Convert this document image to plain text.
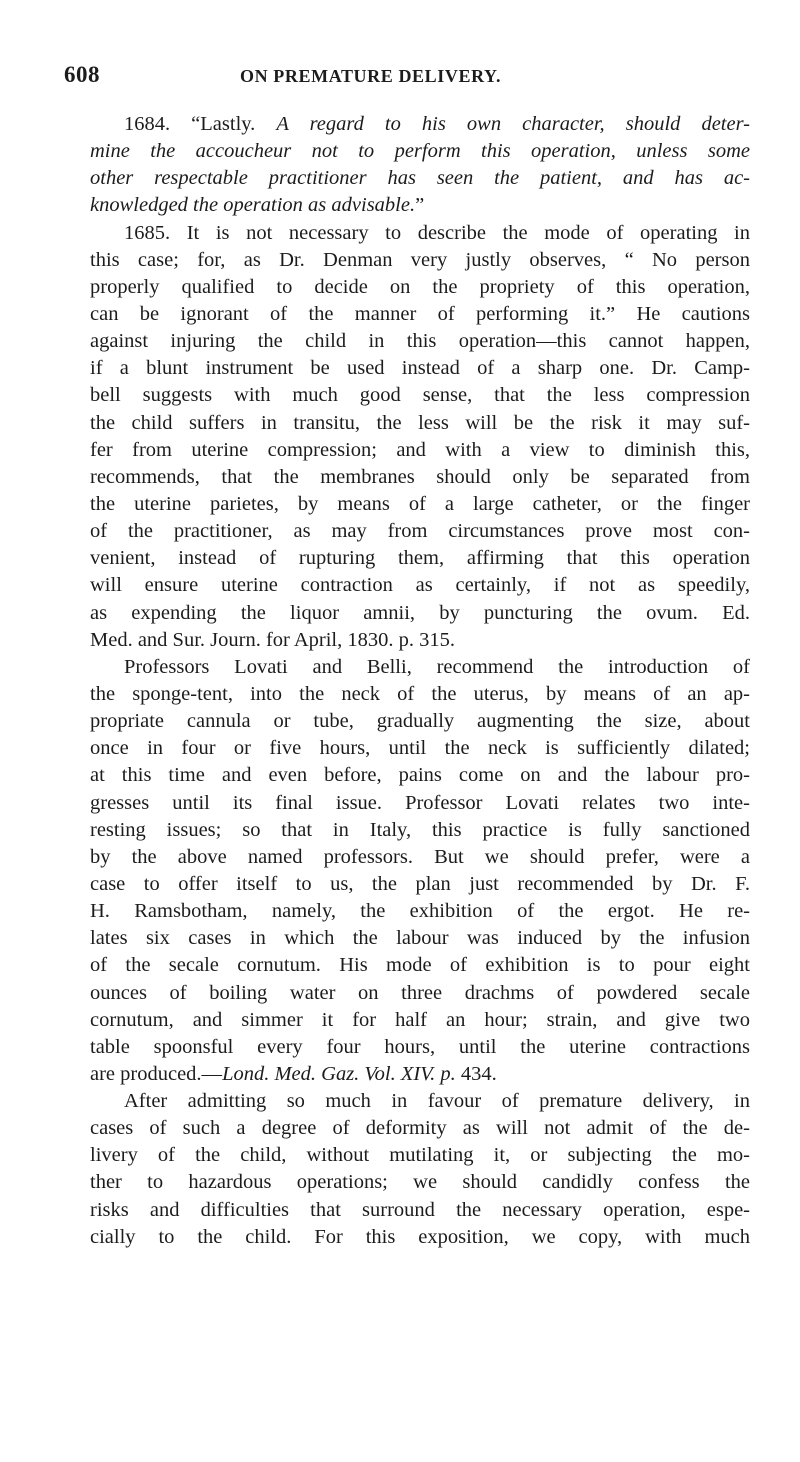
608	ON PREMATURE DELIVERY.
1684. “Lastly. A regard to his own character, should deter-
mine the accoucheur not to perform this operation, unless some
other respectable practitioner has seen the patient, and has ac-
knowledged the operation as advisable.”
1685. It is not necessary to describe the mode of operating in
this case; for, as Dr. Denman very justly observes, “ No person
properly qualified to decide on the propriety of this operation,
can be ignorant of the manner of performing it.” He cautions
against injuring the child in this operation—this cannot happen,
if a blunt instrument be used instead of a sharp one. Dr. Camp-
bell suggests with much good sense, that the less compression
the child suffers in transitu, the less will be the risk it may suf-
fer from uterine compression; and with a view to diminish this,
recommends, that the membranes should only be separated from
the uterine parietes, by means of a large catheter, or the finger
of the practitioner, as may from circumstances prove most con-
venient, instead of rupturing them, affirming that this operation
will ensure uterine contraction as certainly, if not as speedily,
as expending the liquor amnii, by puncturing the ovum. Ed.
Med. and Sur. Journ. for April, 1830. p. 315.
Professors Lovati and Belli, recommend the introduction of
the sponge-tent, into the neck of the uterus, by means of an ap-
propriate cannula or tube, gradually augmenting the size, about
once in four or five hours, until the neck is sufficiently dilated;
at this time and even before, pains come on and the labour pro-
gresses until its final issue. Professor Lovati relates two inte-
resting issues; so that in Italy, this practice is fully sanctioned
by the above named professors. But we should prefer, were a
case to offer itself to us, the plan just recommended by Dr. F.
H. Ramsbotham, namely, the exhibition of the ergot. He re-
lates six cases in which the labour was induced by the infusion
of the secale cornutum. His mode of exhibition is to pour eight
ounces of boiling water on three drachms of powdered secale
cornutum, and simmer it for half an hour; strain, and give two
table spoonsful every four hours, until the uterine contractions
are produced.—Lond. Med. Gaz. Vol. XIV. p. 434.
After admitting so much in favour of premature delivery, in
cases of such a degree of deformity as will not admit of the de-
livery of the child, without mutilating it, or subjecting the mo-
ther to hazardous operations; we should candidly confess the
risks and difficulties that surround the necessary operation, espe-
cially to the child. For this exposition, we copy, with much
